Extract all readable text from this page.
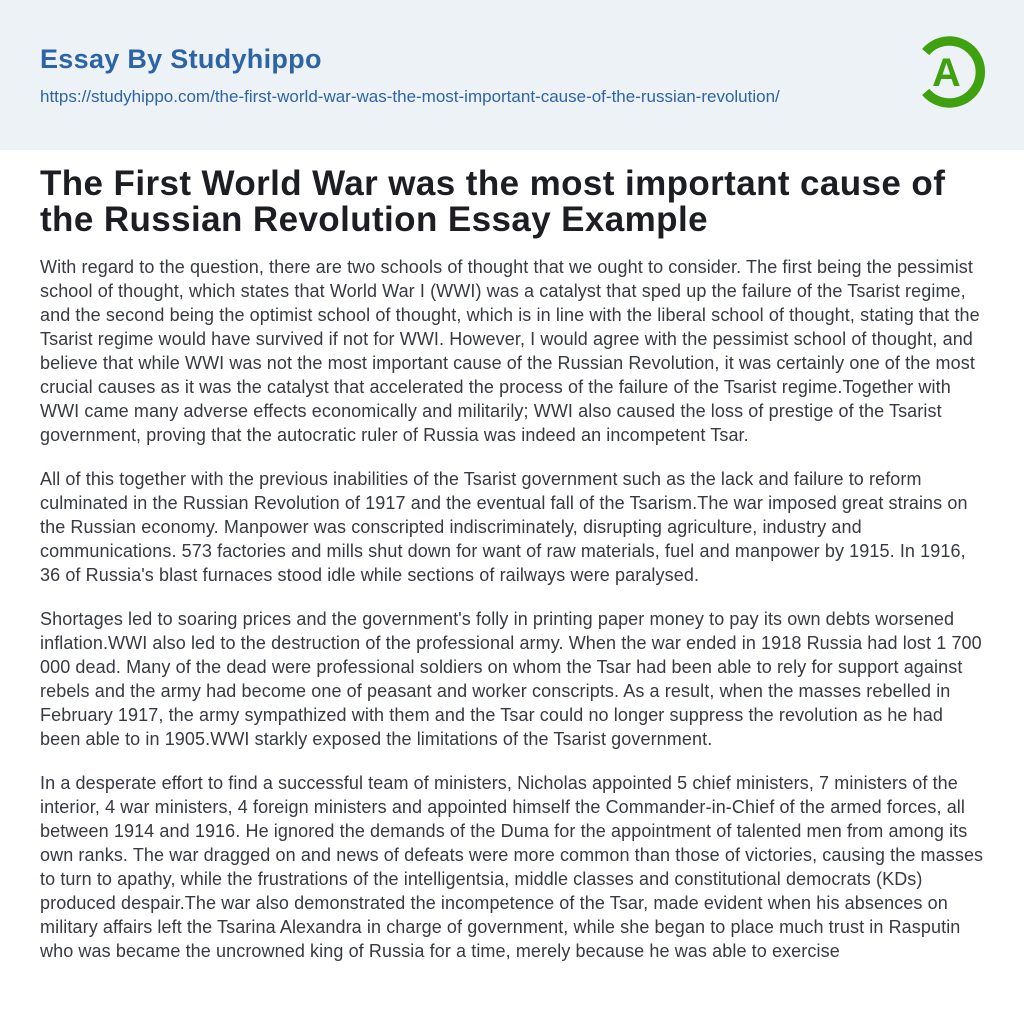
Essay By Studyhippo
https://studyhippo.com/the-first-world-war-was-the-most-important-cause-of-the-russian-revolution/
A
The First World War was the most important cause of the Russian Revolution Essay Example

With regard to the question, there are two schools of thought that we ought to consider. The first being the pessimist school of thought, which states that World War I (WWI) was a catalyst that sped up the failure of the Tsarist regime, and the second being the optimist school of thought, which is in line with the liberal school of thought, stating that the Tsarist regime would have survived if not for WWI. However, I would agree with the pessimist school of thought, and believe that while WWI was not the most important cause of the Russian Revolution, it was certainly one of the most crucial causes as it was the catalyst that accelerated the process of the failure of the Tsarist regime.Together with WWI came many adverse effects economically and militarily; WWI also caused the loss of prestige of the Tsarist government, proving that the autocratic ruler of Russia was indeed an incompetent Tsar.

All of this together with the previous inabilities of the Tsarist government such as the lack and failure to reform culminated in the Russian Revolution of 1917 and the eventual fall of the Tsarism.The war imposed great strains on the Russian economy. Manpower was conscripted indiscriminately, disrupting agriculture, industry and communications. 573 factories and mills shut down for want of raw materials, fuel and manpower by 1915. In 1916, 36 of Russia's blast furnaces stood idle while sections of railways were paralysed.

Shortages led to soaring prices and the government's folly in printing paper money to pay its own debts worsened inflation.WWI also led to the destruction of the professional army. When the war ended in 1918 Russia had lost 1 700 000 dead. Many of the dead were professional soldiers on whom the Tsar had been able to rely for support against rebels and the army had become one of peasant and worker conscripts. As a result, when the masses rebelled in February 1917, the army sympathized with them and the Tsar could no longer suppress the revolution as he had been able to in 1905.WWI starkly exposed the limitations of the Tsarist government.

In a desperate effort to find a successful team of ministers, Nicholas appointed 5 chief ministers, 7 ministers of the interior, 4 war ministers, 4 foreign ministers and appointed himself the Commander-in-Chief of the armed forces, all between 1914 and 1916. He ignored the demands of the Duma for the appointment of talented men from among its own ranks. The war dragged on and news of defeats were more common than those of victories, causing the masses to turn to apathy, while the frustrations of the intelligentsia, middle classes and constitutional democrats (KDs) produced despair.The war also demonstrated the incompetence of the Tsar, made evident when his absences on military affairs left the Tsarina Alexandra in charge of government, while she began to place much trust in Rasputin who was became the uncrowned king of Russia for a time, merely because he was able to exercise
